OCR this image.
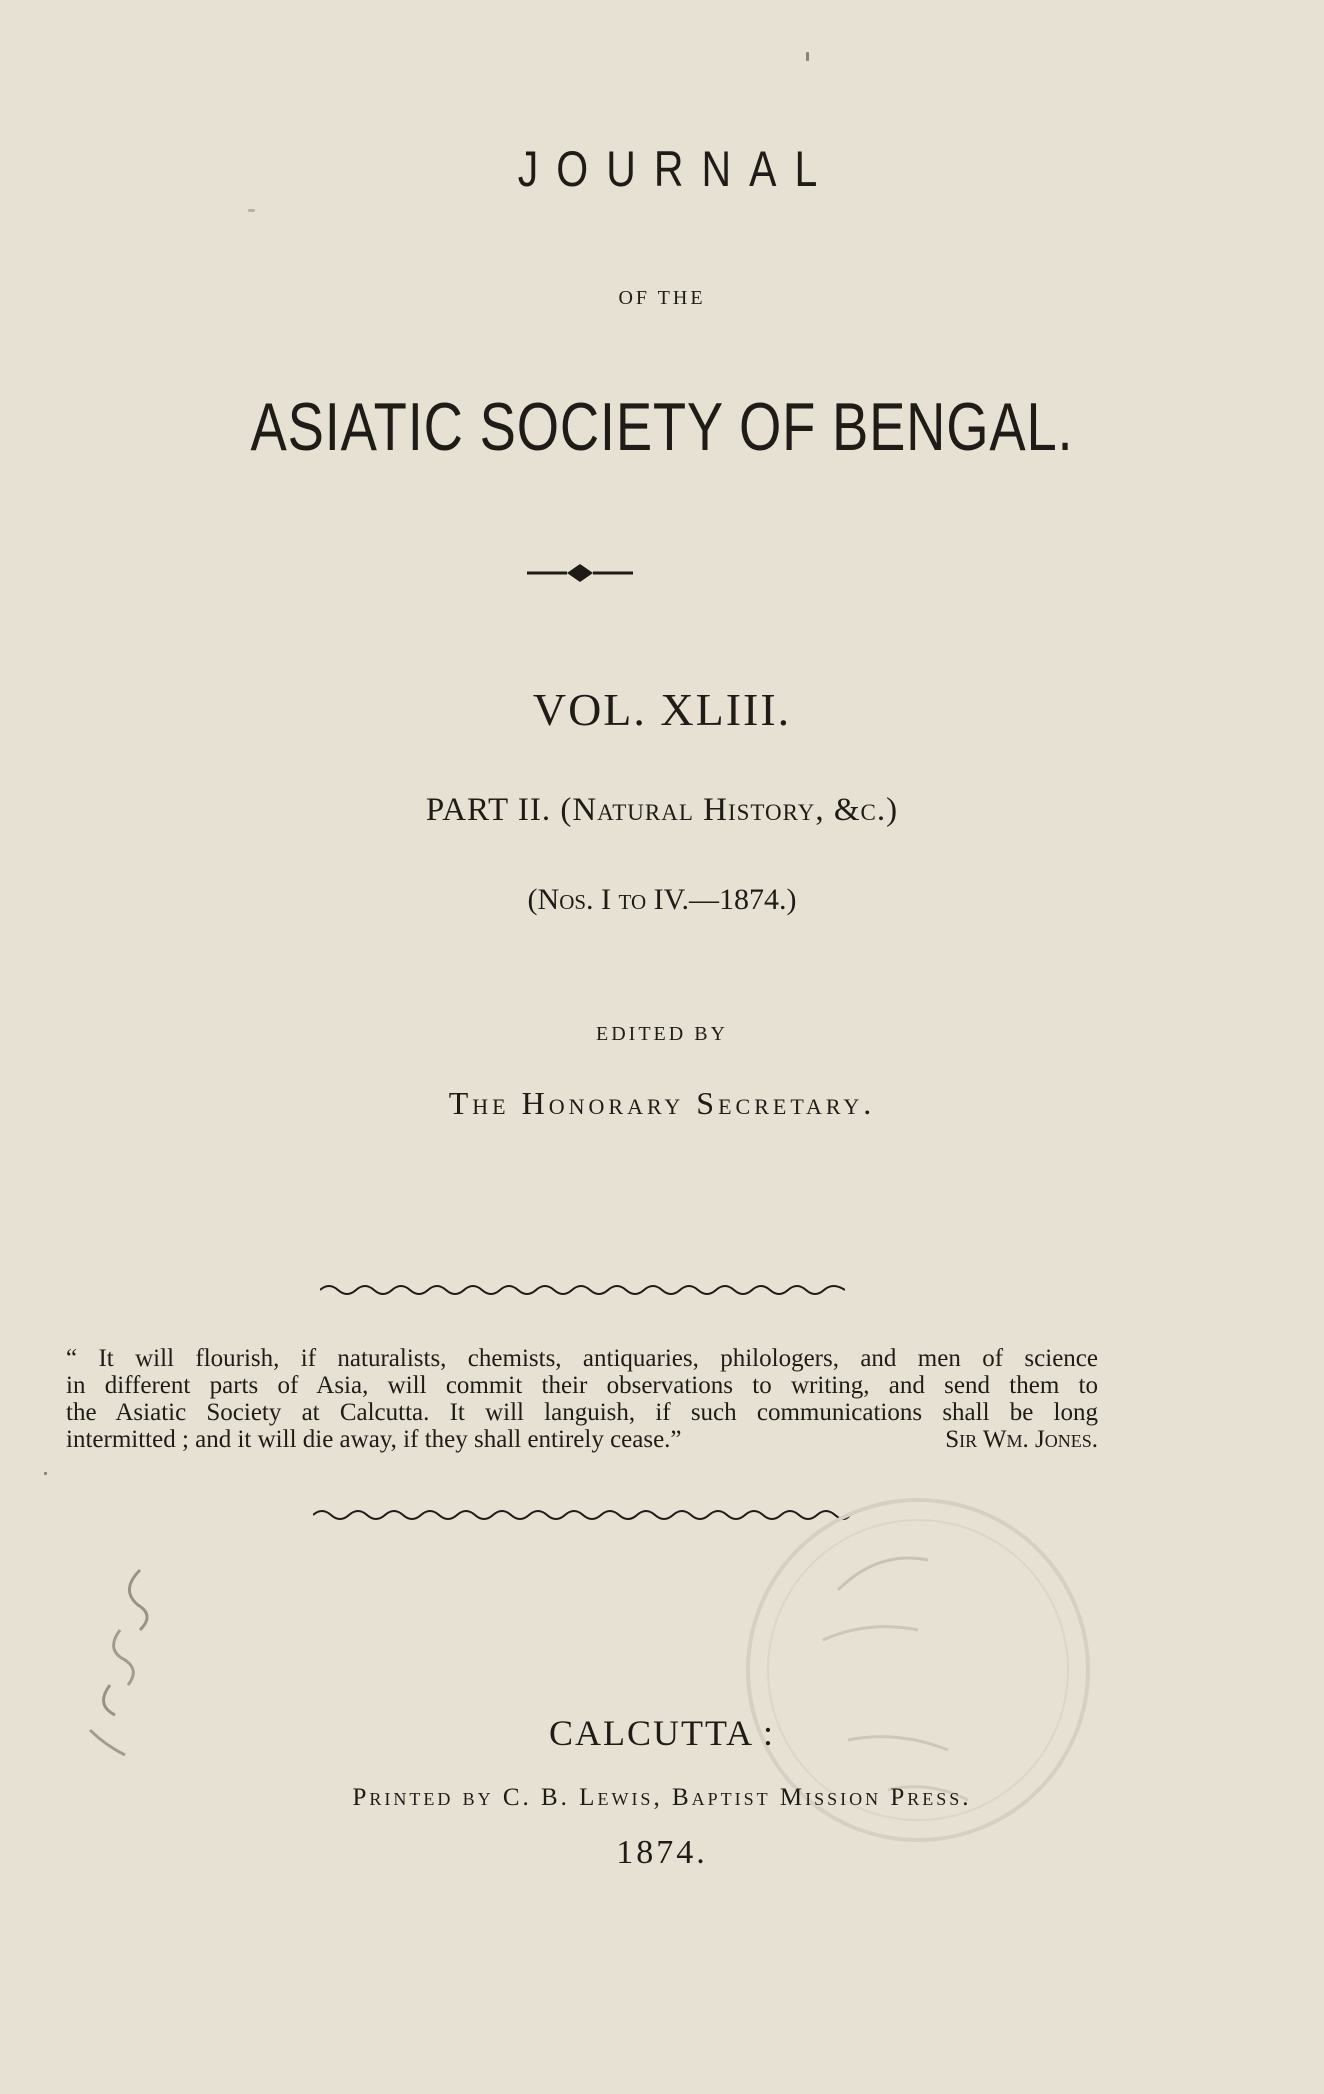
JOURNAL
OF THE
ASIATIC SOCIETY OF BENGAL.
VOL. XLIII.
PART II. (Natural History, &c.)
(Nos. I to IV.—1874.)
EDITED BY
The Honorary Secretary.
“ It will flourish, if naturalists, chemists, antiquaries, philologers, and men of science
in different parts of Asia, will commit their observations to writing, and send them to
the Asiatic Society at Calcutta. It will languish, if such communications shall be long
intermitted ; and it will die away, if they shall entirely cease.”	Sir Wm. Jones.
CALCUTTA :
Printed by C. B. Lewis, Baptist Mission Press.
1874.
